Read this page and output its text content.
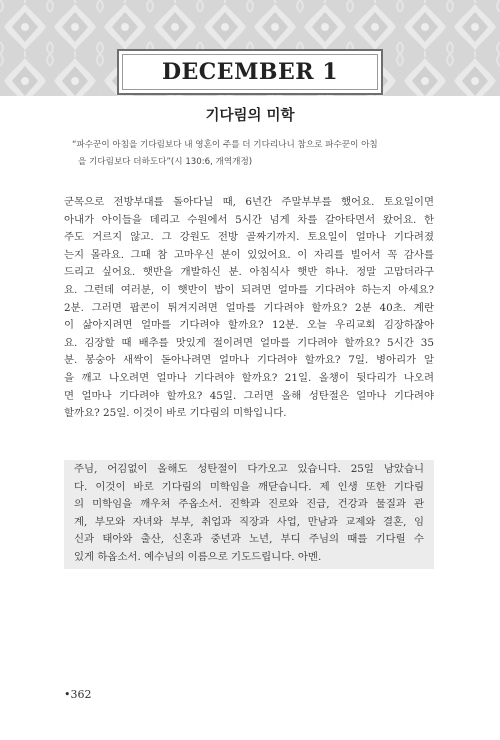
DECEMBER 1
기다림의 미학
“파수꾼이 아침을 기다림보다 내 영혼이 주를 더 기다리나니 참으로 파수꾼이 아침
을 기다림보다 더하도다”(시 130:6, 개역개정)
군목으로 전방부대를 돌아다닐 때, 6년간 주말부부를 했어요. 토요일이면
아내가 아이들을 데리고 수원에서 5시간 넘게 차를 갈아타면서 왔어요. 한
주도 거르지 않고. 그 강원도 전방 골짜기까지. 토요일이 얼마나 기다려졌
는지 몰라요. 그때 참 고마우신 분이 있었어요. 이 자리를 빌어서 꼭 감사를
드리고 싶어요. 햇반을 개발하신 분. 아침식사 햇반 하나. 정말 고맙더라구
요. 그런데 여러분, 이 햇반이 밥이 되려면 얼마를 기다려야 하는지 아세요?
2분. 그러면 팝콘이 튀겨지려면 얼마를 기다려야 할까요? 2분 40초. 계란
이 삶아지려면 얼마를 기다려야 할까요? 12분. 오늘 우리교회 김장하잖아
요. 김장할 때 배추를 맛있게 절이려면 얼마를 기다려야 할까요? 5시간 35
분. 봉숭아 새싹이 돋아나려면 얼마나 기다려야 할까요? 7일. 병아리가 알
을 깨고 나오려면 얼마나 기다려야 할까요? 21일. 올챙이 뒷다리가 나오려
면 얼마나 기다려야 할까요? 45일. 그러면 올해 성탄절은 얼마나 기다려야
할까요? 25일. 이것이 바로 기다림의 미학입니다.
주님, 어김없이 올해도 성탄절이 다가오고 있습니다. 25일 남았습니
다. 이것이 바로 기다림의 미학임을 깨닫습니다. 제 인생 또한 기다림
의 미학임을 깨우쳐 주옵소서. 진학과 진로와 진급, 건강과 물질과 관
계, 부모와 자녀와 부부, 취업과 직장과 사업, 만남과 교제와 결혼, 임
신과 태아와 출산, 신혼과 중년과 노년, 부디 주님의 때를 기다릴 수
있게 하옵소서. 예수님의 이름으로 기도드립니다. 아멘.
•362
